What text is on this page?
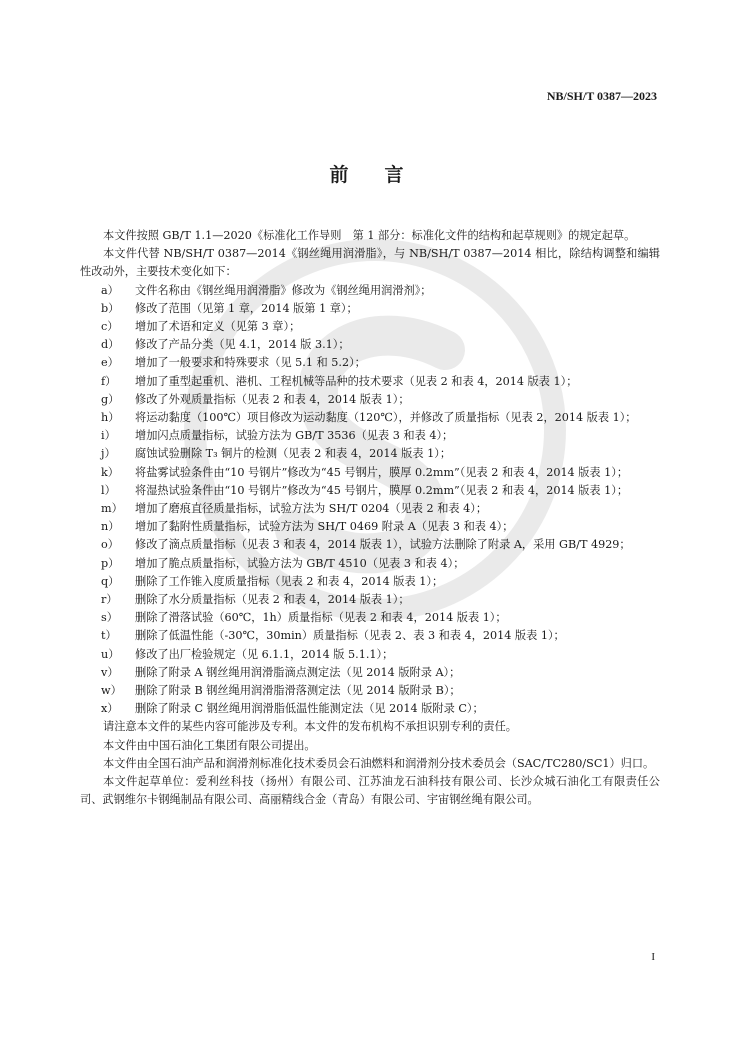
NB/SH/T 0387—2023
前言

本文件按照 GB/T 1.1—2020《标准化工作导则　第 1 部分：标准化文件的结构和起草规则》的规定起草。

本文件代替 NB/SH/T 0387—2014《钢丝绳用润滑脂》，与 NB/SH/T 0387—2014 相比，除结构调整和编辑性改动外，主要技术变化如下：

a）	文件名称由《钢丝绳用润滑脂》修改为《钢丝绳用润滑剂》；
b）	修改了范围（见第 1 章，2014 版第 1 章）；
c）	增加了术语和定义（见第 3 章）；
d）	修改了产品分类（见 4.1，2014 版 3.1）；
e）	增加了一般要求和特殊要求（见 5.1 和 5.2）；
f）	增加了重型起重机、港机、工程机械等品种的技术要求（见表 2 和表 4，2014 版表 1）；
g）	修改了外观质量指标（见表 2 和表 4，2014 版表 1）；
h）	将运动黏度（100℃）项目修改为运动黏度（120℃），并修改了质量指标（见表 2，2014 版表 1）；
i）	增加闪点质量指标，试验方法为 GB/T 3536（见表 3 和表 4）；
j）	腐蚀试验删除 T₃ 铜片的检测（见表 2 和表 4，2014 版表 1）；
k）	将盐雾试验条件由“10 号钢片”修改为“45 号钢片，膜厚 0.2mm”（见表 2 和表 4，2014 版表 1）；
l）	将湿热试验条件由“10 号钢片”修改为“45 号钢片，膜厚 0.2mm”（见表 2 和表 4，2014 版表 1）；
m）	增加了磨痕直径质量指标，试验方法为 SH/T 0204（见表 2 和表 4）；
n）	增加了黏附性质量指标，试验方法为 SH/T 0469 附录 A（见表 3 和表 4）；
o）	修改了滴点质量指标（见表 3 和表 4，2014 版表 1），试验方法删除了附录 A，采用 GB/T 4929；
p）	增加了脆点质量指标，试验方法为 GB/T 4510（见表 3 和表 4）；
q）	删除了工作锥入度质量指标（见表 2 和表 4，2014 版表 1）；
r）	删除了水分质量指标（见表 2 和表 4，2014 版表 1）；
s）	删除了滑落试验（60℃，1h）质量指标（见表 2 和表 4，2014 版表 1）；
t）	删除了低温性能（-30℃，30min）质量指标（见表 2、表 3 和表 4，2014 版表 1）；
u）	修改了出厂检验规定（见 6.1.1，2014 版 5.1.1）；
v）	删除了附录 A 钢丝绳用润滑脂滴点测定法（见 2014 版附录 A）；
w）	删除了附录 B 钢丝绳用润滑脂滑落测定法（见 2014 版附录 B）；
x）	删除了附录 C 钢丝绳用润滑脂低温性能测定法（见 2014 版附录 C）；

请注意本文件的某些内容可能涉及专利。本文件的发布机构不承担识别专利的责任。

本文件由中国石油化工集团有限公司提出。

本文件由全国石油产品和润滑剂标准化技术委员会石油燃料和润滑剂分技术委员会（SAC/TC280/SC1）归口。

本文件起草单位：爱利丝科技（扬州）有限公司、江苏油龙石油科技有限公司、长沙众城石油化工有限责任公司、武钢维尔卡钢绳制品有限公司、高丽精线合金（青岛）有限公司、宇宙钢丝绳有限公司。

I
